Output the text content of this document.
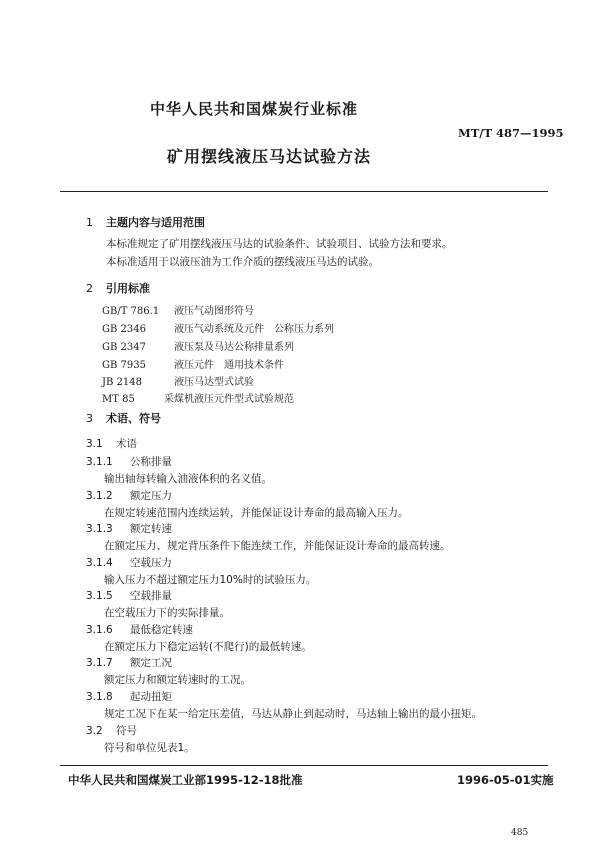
中华人民共和国煤炭行业标准
MT/T 487—1995
矿用摆线液压马达试验方法
1 主题内容与适用范围
本标准规定了矿用摆线液压马达的试验条件、试验项目、试验方法和要求。
本标准适用于以液压油为工作介质的摆线液压马达的试验。
2 引用标准
GB/T 786.1 液压气动图形符号
GB 2346	液压气动系统及元件　公称压力系列
GB 2347	液压泵及马达公称排量系列
GB 7935	液压元件　通用技术条件
JB 2148	液压马达型式试验
MT 85	采煤机液压元件型式试验规范
3 术语、符号
3.1 术语
3.1.1 公称排量
输出轴每转输入油液体积的名义值。
3.1.2 额定压力
在规定转速范围内连续运转，并能保证设计寿命的最高输入压力。
3.1.3 额定转速
在额定压力、规定背压条件下能连续工作，并能保证设计寿命的最高转速。
3.1.4 空载压力
输入压力不超过额定压力10%时的试验压力。
3.1.5 空载排量
在空载压力下的实际排量。
3.1.6 最低稳定转速
在额定压力下稳定运转(不爬行)的最低转速。
3.1.7 额定工况
额定压力和额定转速时的工况。
3.1.8 起动扭矩
规定工况下在某一给定压差值，马达从静止到起动时，马达轴上输出的最小扭矩。
中华人民共和国煤炭工业部1995-12-18批准	1996-05-01实施
485
3.2 符号
符号和单位见表1。
